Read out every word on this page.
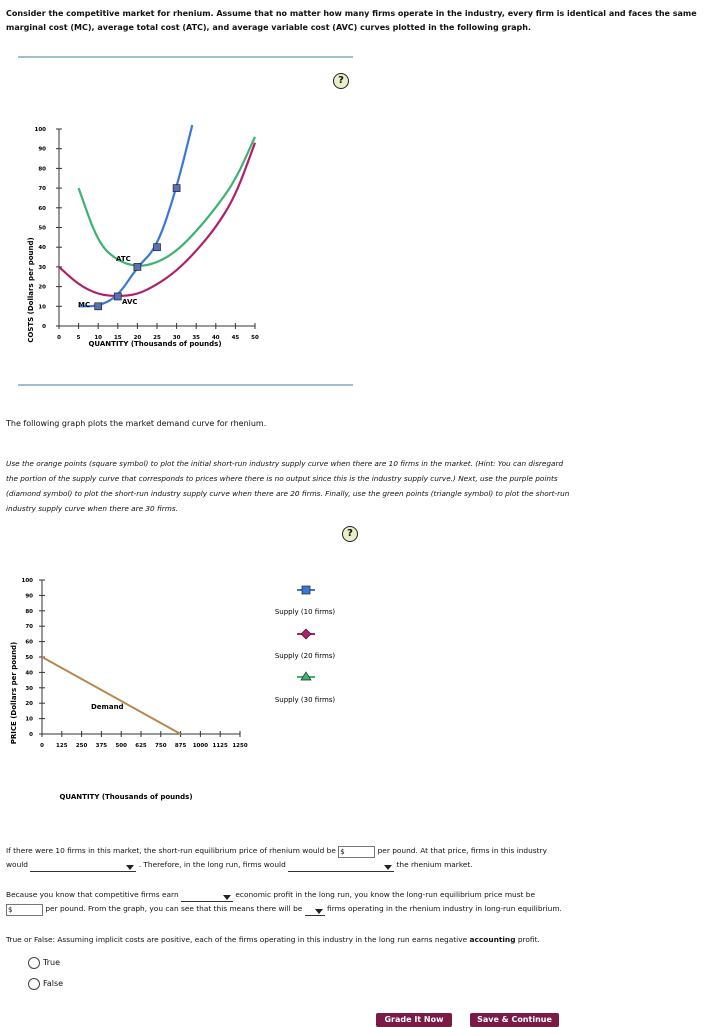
Consider the competitive market for rhenium. Assume that no matter how many firms operate in the industry, every firm is identical and faces the same marginal cost (MC), average total cost (ATC), and average variable cost (AVC) curves plotted in the following graph.

100
90
80
70
60
50
40
30
20
10
0
0	5	10 15 20 25 30 35 40 45 50
COSTS (Dollars per pound)
QUANTITY (Thousands of pounds)
MC
ATC
AVC
?

The following graph plots the market demand curve for rhenium.

Use the orange points (square symbol) to plot the initial short-run industry supply curve when there are 10 firms in the market. (Hint: You can disregard the portion of the supply curve that corresponds to prices where there is no output since this is the industry supply curve.) Next, use the purple points (diamond symbol) to plot the short-run industry supply curve when there are 20 firms. Finally, use the green points (triangle symbol) to plot the short-run industry supply curve when there are 30 firms.

100
90
80
70
60
50
40
30
20
10
0
0 125 250 375 500 625 750 875 1000 1125 1250
PRICE (Dollars per pound)
QUANTITY (Thousands of pounds)
Demand
Supply (10 firms)
Supply (20 firms)
Supply (30 firms)
?
If there were 10 firms in this market, the short-run equilibrium price of rhenium would be $	per pound. At that price, firms in this industry
would	. Therefore, in the long run, firms would	the rhenium market.
Because you know that competitive firms earn	economic profit in the long run, you know the long-run equilibrium price must be
$	per pound. From the graph, you can see that this means there will be	firms operating in the rhenium industry in long-run equilibrium.
True or False: Assuming implicit costs are positive, each of the firms operating in this industry in the long run earns negative accounting profit.
True
False
Grade It Now	Save & Continue
